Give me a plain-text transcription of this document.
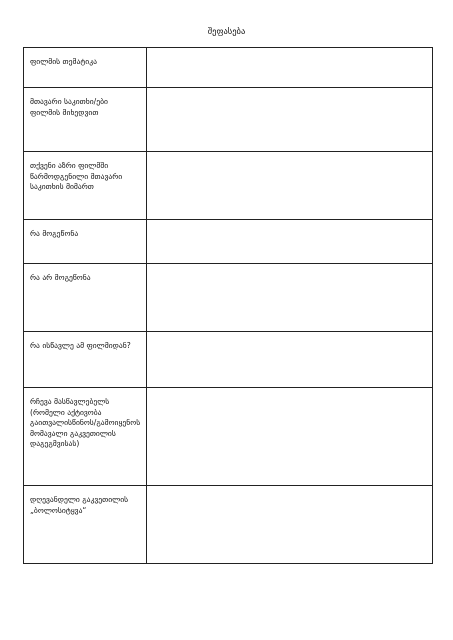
შეფასება
ფილმის თემატიკა	

მთავარი საკითხი/ები
ფილმის მიხედვით	

თქვენი აზრი ფილმში
წარმოდგენილი მთავარი
საკითხის მიმართ	

რა მოგეწონა	

რა არ მოგეწონა	

რა ისწავლე ამ ფილმიდან?	

რჩევა მასწავლებელს
(რომელი აქტივობა
გაითვალისწინოს/გამოიყენოს
მომავალი გაკვეთილის
დაგეგმვისას)	

დღევანდელი გაკვეთილის
„ბოლოსიტყვა“	
